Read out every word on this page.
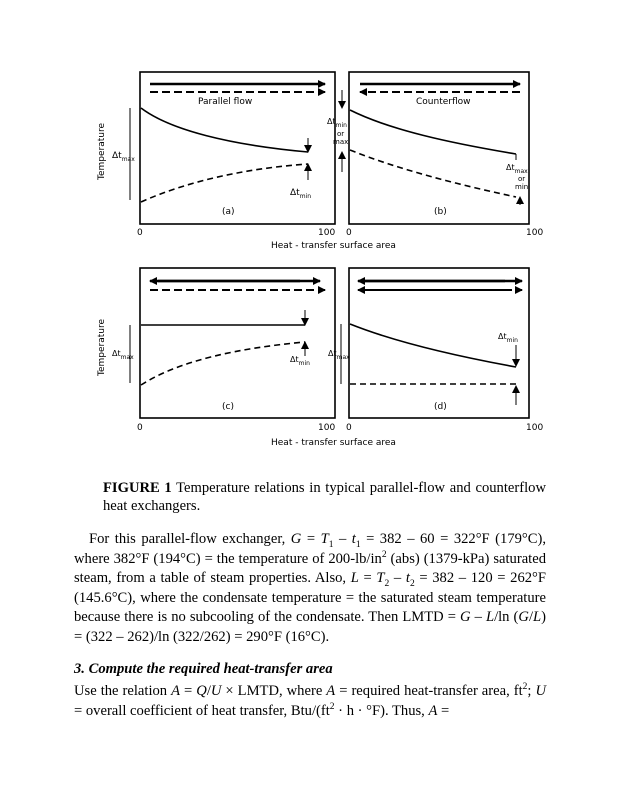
Parallel flow
$\Delta t_{max}$
$\Delta t_{min}$
(a)
0	100
Counterflow
$\Delta t_{min}$
or
max
$\Delta t_{max}$
or
min
(b)
0	100
Temperature
Heat - transfer surface area
$\Delta t_{max}$	$\Delta t_{min}$
(c)
0	100
$\Delta t_{max}$
$\Delta t_{min}$
(d)
0	100
Temperature
Heat - transfer surface area
FIGURE 1 Temperature relations in typical parallel-flow and counterflow heat exchangers.
For this parallel-flow exchanger, $G = T_1 - t_1 = 382 - 60 = 322^\circ F$ (179°C), where 382°F (194°C) = the temperature of $200-lb/in^2$ (abs) (1379-kPa) saturated steam, from a table of steam properties. Also, $L = T_2 - t_2 = 382 - 120 = 262^\circ F$ (145.6°C), where the condensate temperature = the saturated steam temperature because there is no subcooling of the condensate. Then LMTD = G – L/ln (G/L) = (322 – 262)/ln (322/262) = 290°F (16°C).
3. Compute the required heat-transfer area
Use the relation A = Q/U × LMTD, where A = required heat-transfer area, $ft^2$; U = overall coefficient of heat transfer, Btu/$(ft^2 \cdot h \cdot ^\circ F)$. Thus, A =
